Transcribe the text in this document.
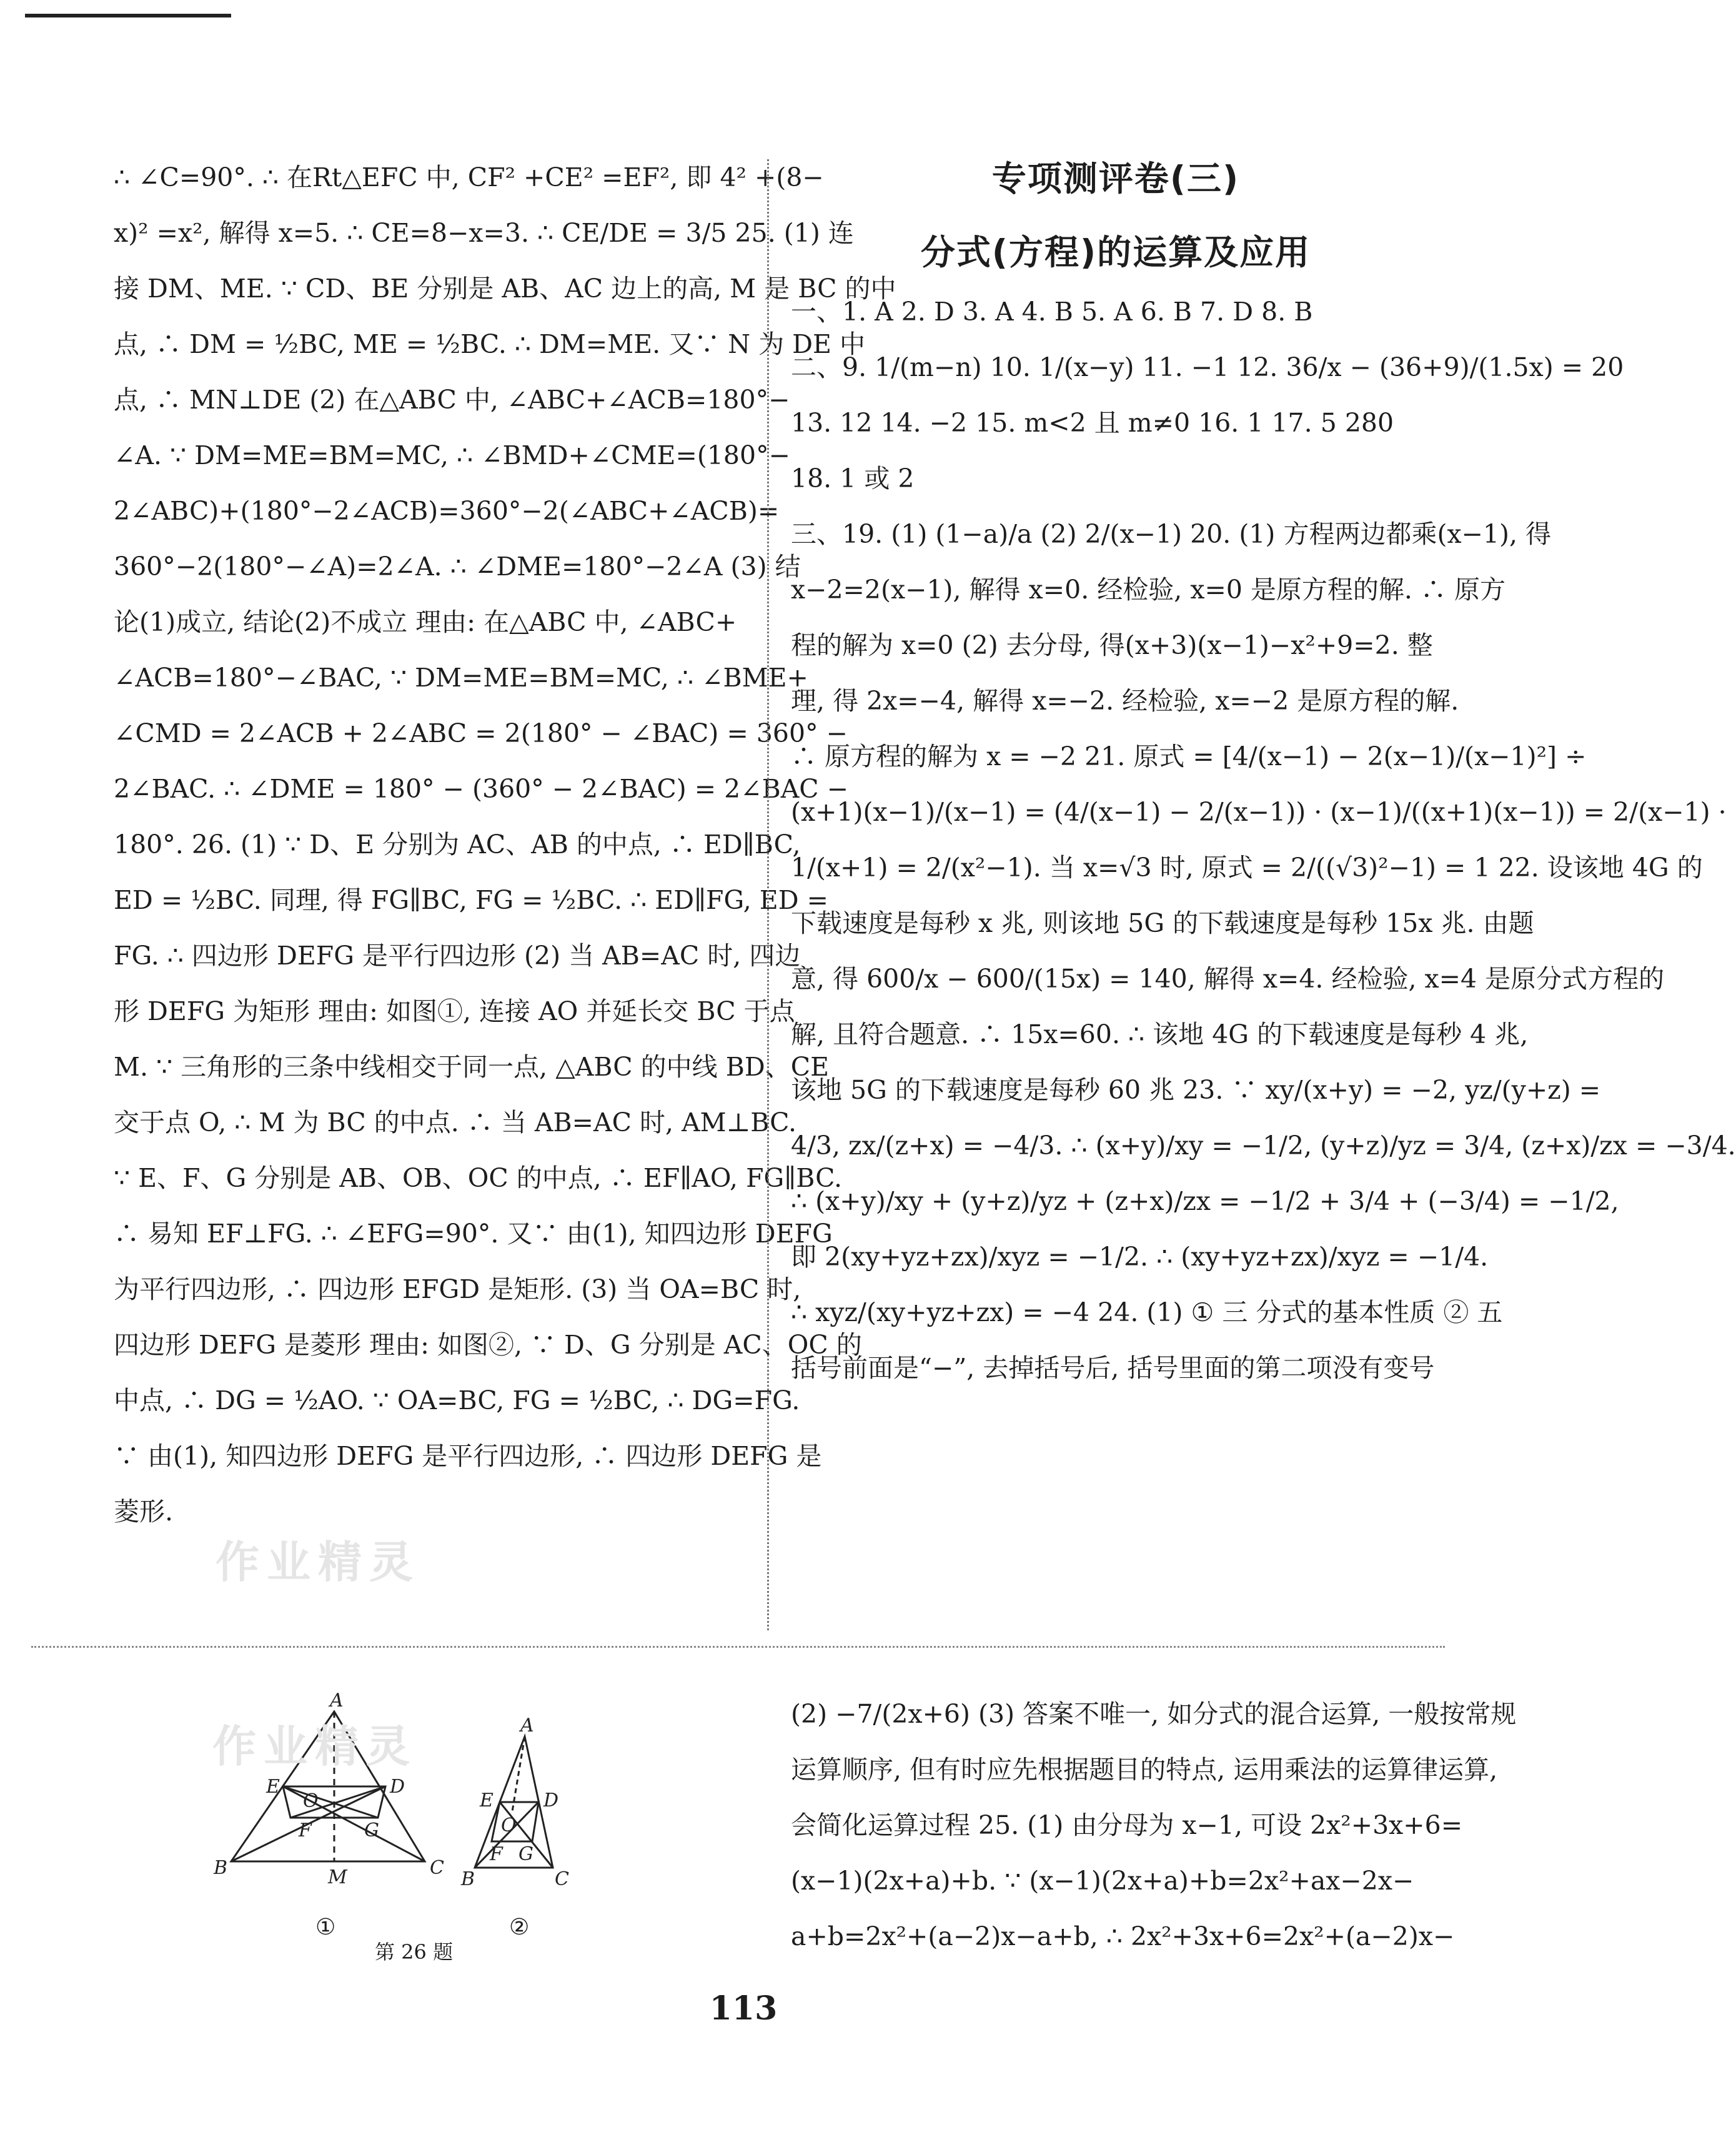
∴ ∠C=90°. ∴ 在Rt△EFC 中, CF² +CE² =EF², 即 4² +(8−
x)² =x², 解得 x=5. ∴ CE=8−x=3. ∴ CE/DE = 3/5 25. (1) 连
接 DM、ME. ∵ CD、BE 分别是 AB、AC 边上的高, M 是 BC 的中
点, ∴ DM = ½BC, ME = ½BC. ∴ DM=ME. 又∵ N 为 DE 中
点, ∴ MN⊥DE (2) 在△ABC 中, ∠ABC+∠ACB=180°−
∠A. ∵ DM=ME=BM=MC, ∴ ∠BMD+∠CME=(180°−
2∠ABC)+(180°−2∠ACB)=360°−2(∠ABC+∠ACB)=
360°−2(180°−∠A)=2∠A. ∴ ∠DME=180°−2∠A (3) 结
论(1)成立, 结论(2)不成立 理由: 在△ABC 中, ∠ABC+
∠ACB=180°−∠BAC, ∵ DM=ME=BM=MC, ∴ ∠BME+
∠CMD = 2∠ACB + 2∠ABC = 2(180° − ∠BAC) = 360° −
2∠BAC. ∴ ∠DME = 180° − (360° − 2∠BAC) = 2∠BAC −
180°. 26. (1) ∵ D、E 分别为 AC、AB 的中点, ∴ ED∥BC,
ED = ½BC. 同理, 得 FG∥BC, FG = ½BC. ∴ ED∥FG, ED =
FG. ∴ 四边形 DEFG 是平行四边形 (2) 当 AB=AC 时, 四边
形 DEFG 为矩形 理由: 如图①, 连接 AO 并延长交 BC 于点
M. ∵ 三角形的三条中线相交于同一点, △ABC 的中线 BD、CE
交于点 O, ∴ M 为 BC 的中点. ∴ 当 AB=AC 时, AM⊥BC.
∵ E、F、G 分别是 AB、OB、OC 的中点, ∴ EF∥AO, FG∥BC.
∴ 易知 EF⊥FG. ∴ ∠EFG=90°. 又∵ 由(1), 知四边形 DEFG
为平行四边形, ∴ 四边形 EFGD 是矩形. (3) 当 OA=BC 时,
四边形 DEFG 是菱形 理由: 如图②, ∵ D、G 分别是 AC、OC 的
中点, ∴ DG = ½AO. ∵ OA=BC, FG = ½BC, ∴ DG=FG.
∵ 由(1), 知四边形 DEFG 是平行四边形, ∴ 四边形 DEFG 是
菱形.
专项测评卷(三)
分式(方程)的运算及应用
一、1. A 2. D 3. A 4. B 5. A 6. B 7. D 8. B
二、9. 1/(m−n) 10. 1/(x−y) 11. −1 12. 36/x − (36+9)/(1.5x) = 20
13. 12 14. −2 15. m<2 且 m≠0 16. 1 17. 5 280
18. 1 或 2
三、19. (1) (1−a)/a (2) 2/(x−1) 20. (1) 方程两边都乘(x−1), 得
x−2=2(x−1), 解得 x=0. 经检验, x=0 是原方程的解. ∴ 原方
程的解为 x=0 (2) 去分母, 得(x+3)(x−1)−x²+9=2. 整
理, 得 2x=−4, 解得 x=−2. 经检验, x=−2 是原方程的解.
∴ 原方程的解为 x = −2 21. 原式 = [4/(x−1) − 2(x−1)/(x−1)²] ÷
(x+1)(x−1)/(x−1) = (4/(x−1) − 2/(x−1)) · (x−1)/((x+1)(x−1)) = 2/(x−1) ·
1/(x+1) = 2/(x²−1). 当 x=√3 时, 原式 = 2/((√3)²−1) = 1 22. 设该地 4G 的
下载速度是每秒 x 兆, 则该地 5G 的下载速度是每秒 15x 兆. 由题
意, 得 600/x − 600/(15x) = 140, 解得 x=4. 经检验, x=4 是原分式方程的
解, 且符合题意. ∴ 15x=60. ∴ 该地 4G 的下载速度是每秒 4 兆,
该地 5G 的下载速度是每秒 60 兆 23. ∵ xy/(x+y) = −2, yz/(y+z) =
4/3, zx/(z+x) = −4/3. ∴ (x+y)/xy = −1/2, (y+z)/yz = 3/4, (z+x)/zx = −3/4.
∴ (x+y)/xy + (y+z)/yz + (z+x)/zx = −1/2 + 3/4 + (−3/4) = −1/2,
即 2(xy+yz+zx)/xyz = −1/2. ∴ (xy+yz+zx)/xyz = −1/4.
∴ xyz/(xy+yz+zx) = −4 24. (1) ① 三 分式的基本性质 ② 五
括号前面是“−”, 去掉括号后, 括号里面的第二项没有变号
(2) −7/(2x+6) (3) 答案不唯一, 如分式的混合运算, 一般按常规
运算顺序, 但有时应先根据题目的特点, 运用乘法的运算律运算,
会简化运算过程 25. (1) 由分母为 x−1, 可设 2x²+3x+6=
(x−1)(2x+a)+b. ∵ (x−1)(2x+a)+b=2x²+ax−2x−
a+b=2x²+(a−2)x−a+b, ∴ 2x²+3x+6=2x²+(a−2)x−
作业精灵
作业精灵
A
E	D
O
F	G
B	M	C
A
E	D
O
B
F G
C
①	②
第 26 题
113
